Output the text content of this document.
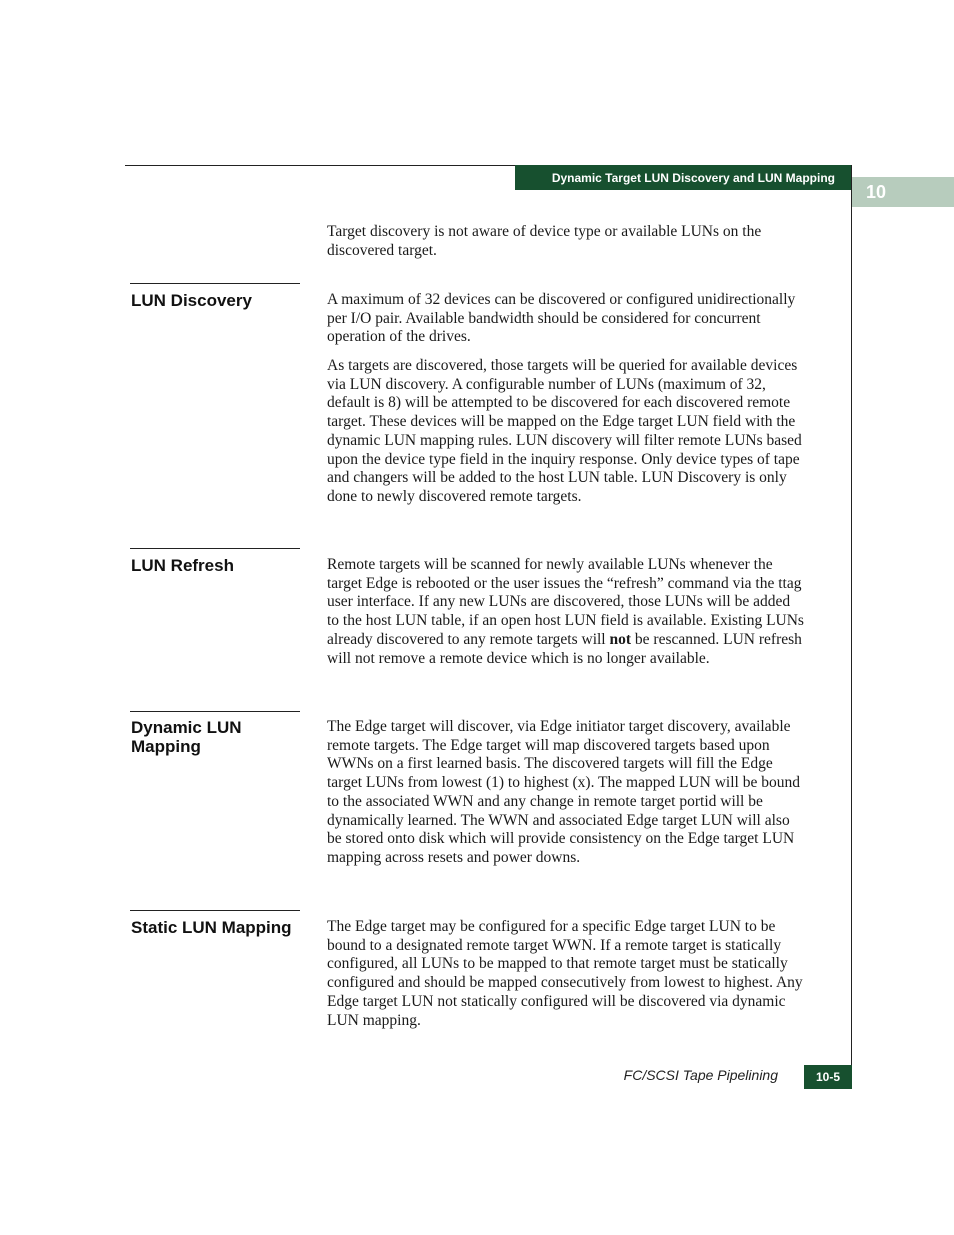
Dynamic Target LUN Discovery and LUN Mapping
10

Target discovery is not aware of device type or available LUNs on the discovered target.

LUN Discovery	A maximum of 32 devices can be discovered or configured unidirectionally per I/O pair. Available bandwidth should be considered for concurrent operation of the drives.

As targets are discovered, those targets will be queried for available devices via LUN discovery. A configurable number of LUNs (maximum of 32, default is 8) will be attempted to be discovered for each discovered remote target. These devices will be mapped on the Edge target LUN field with the dynamic LUN mapping rules. LUN discovery will filter remote LUNs based upon the device type field in the inquiry response. Only device types of tape and changers will be added to the host LUN table. LUN Discovery is only done to newly discovered remote targets.

LUN Refresh	Remote targets will be scanned for newly available LUNs whenever the target Edge is rebooted or the user issues the “refresh” command via the ttag user interface. If any new LUNs are discovered, those LUNs will be added to the host LUN table, if an open host LUN field is available. Existing LUNs already discovered to any remote targets will not be rescanned. LUN refresh will not remove a remote device which is no longer available.

Dynamic LUN Mapping

The Edge target will discover, via Edge initiator target discovery, available remote targets. The Edge target will map discovered targets based upon WWNs on a first learned basis. The discovered targets will fill the Edge target LUNs from lowest (1) to highest (x). The mapped LUN will be bound to the associated WWN and any change in remote target portid will be dynamically learned. The WWN and associated Edge target LUN will also be stored onto disk which will provide consistency on the Edge target LUN mapping across resets and power downs.

Static LUN Mapping	The Edge target may be configured for a specific Edge target LUN to be bound to a designated remote target WWN. If a remote target is statically configured, all LUNs to be mapped to that remote target must be statically configured and should be mapped consecutively from lowest to highest. Any Edge target LUN not statically configured will be discovered via dynamic LUN mapping.

FC/SCSI Tape Pipelining	10-5
